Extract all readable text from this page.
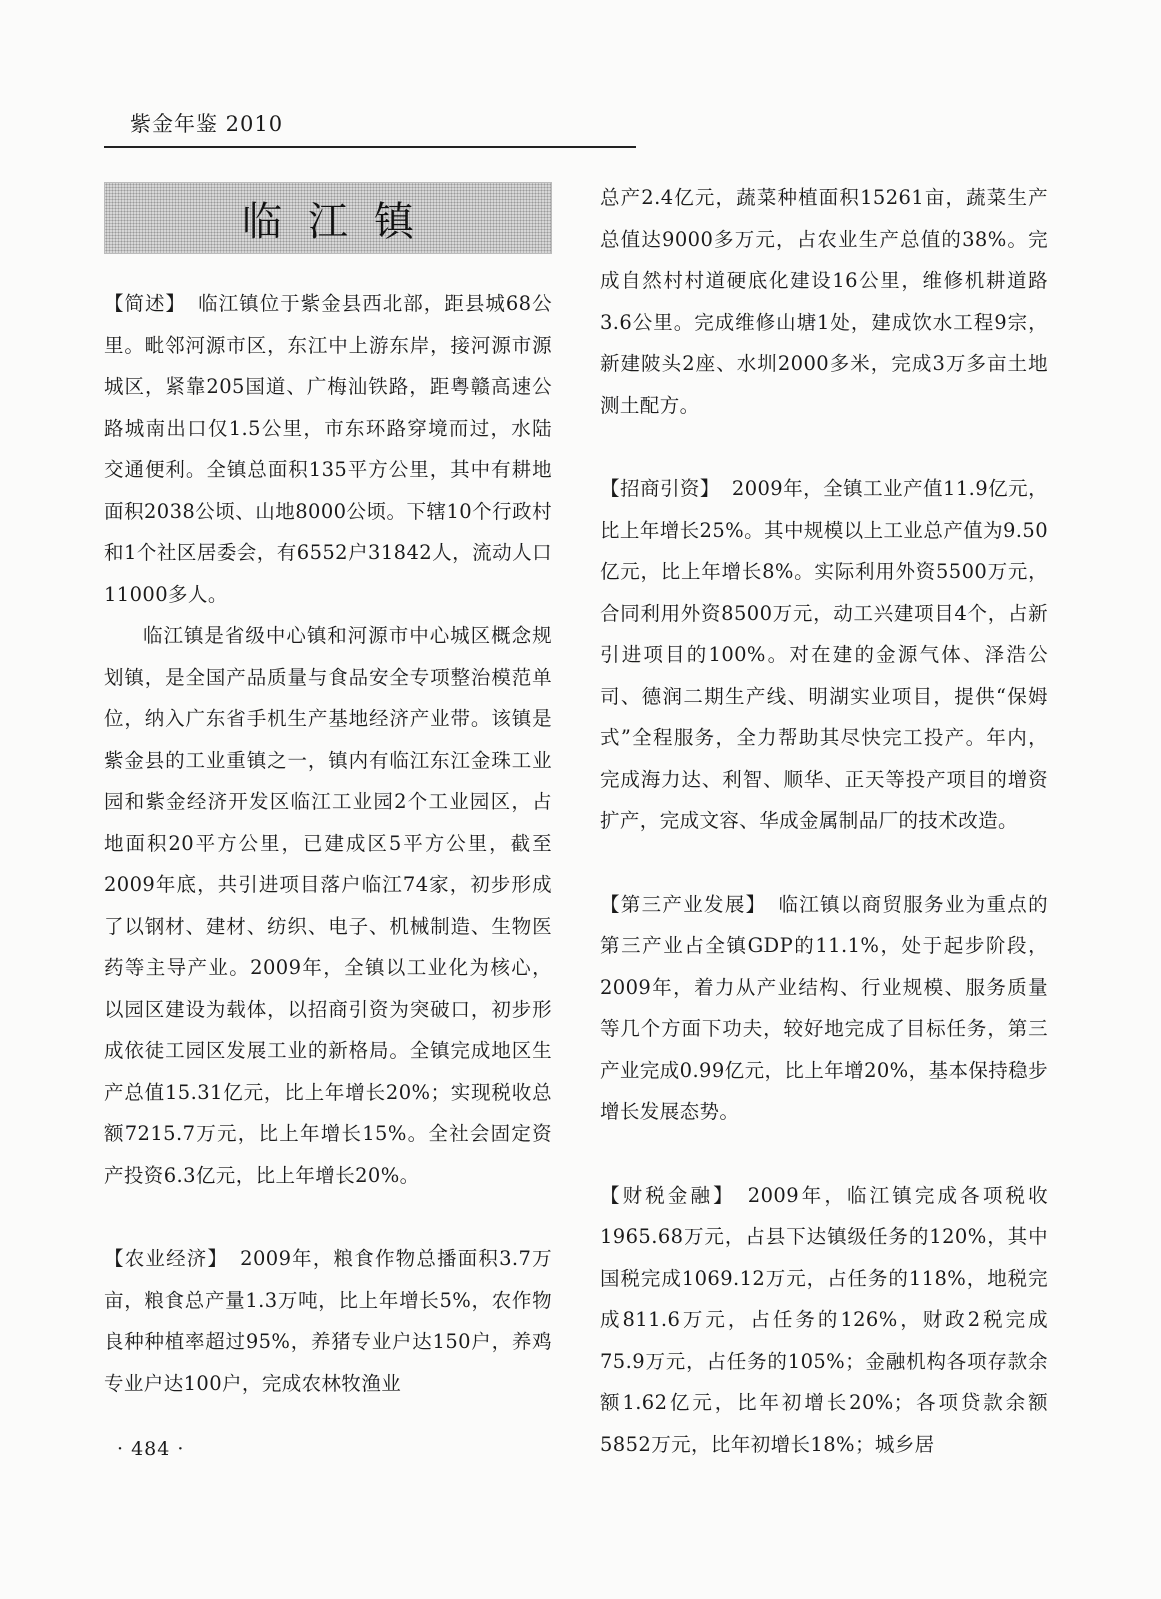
紫金年鉴 2010
临江镇

【简述】 临江镇位于紫金县西北部，距县城68公里。毗邻河源市区，东江中上游东岸，接河源市源城区，紧靠205国道、广梅汕铁路，距粤赣高速公路城南出口仅1.5公里，市东环路穿境而过，水陆交通便利。全镇总面积135平方公里，其中有耕地面积2038公顷、山地8000公顷。下辖10个行政村和1个社区居委会，有6552户31842人，流动人口11000多人。

临江镇是省级中心镇和河源市中心城区概念规划镇，是全国产品质量与食品安全专项整治模范单位，纳入广东省手机生产基地经济产业带。该镇是紫金县的工业重镇之一，镇内有临江东江金珠工业园和紫金经济开发区临江工业园2个工业园区，占地面积20平方公里，已建成区5平方公里，截至2009年底，共引进项目落户临江74家，初步形成了以钢材、建材、纺织、电子、机械制造、生物医药等主导产业。2009年，全镇以工业化为核心，以园区建设为载体，以招商引资为突破口，初步形成依徒工园区发展工业的新格局。全镇完成地区生产总值15.31亿元，比上年增长20%；实现税收总额7215.7万元，比上年增长15%。全社会固定资产投资6.3亿元，比上年增长20%。

【农业经济】 2009年，粮食作物总播面积3.7万亩，粮食总产量1.3万吨，比上年增长5%，农作物良种种植率超过95%，养猪专业户达150户，养鸡专业户达100户，完成农林牧渔业

总产2.4亿元，蔬菜种植面积15261亩，蔬菜生产总值达9000多万元，占农业生产总值的38%。完成自然村村道硬底化建设16公里，维修机耕道路3.6公里。完成维修山塘1处，建成饮水工程9宗，新建陂头2座、水圳2000多米，完成3万多亩土地测土配方。

【招商引资】 2009年，全镇工业产值11.9亿元，比上年增长25%。其中规模以上工业总产值为9.50亿元，比上年增长8%。实际利用外资5500万元，合同利用外资8500万元，动工兴建项目4个，占新引进项目的100%。对在建的金源气体、泽浩公司、德润二期生产线、明湖实业项目，提供“保姆式”全程服务，全力帮助其尽快完工投产。年内，完成海力达、利智、顺华、正天等投产项目的增资扩产，完成文容、华成金属制品厂的技术改造。

【第三产业发展】 临江镇以商贸服务业为重点的第三产业占全镇GDP的11.1%，处于起步阶段，2009年，着力从产业结构、行业规模、服务质量等几个方面下功夫，较好地完成了目标任务，第三产业完成0.99亿元，比上年增20%，基本保持稳步增长发展态势。

【财税金融】 2009年，临江镇完成各项税收1965.68万元，占县下达镇级任务的120%，其中国税完成1069.12万元，占任务的118%，地税完成811.6万元，占任务的126%，财政2税完成75.9万元，占任务的105%；金融机构各项存款余额1.62亿元，比年初增长20%；各项贷款余额5852万元，比年初增长18%；城乡居

· 484 ·
